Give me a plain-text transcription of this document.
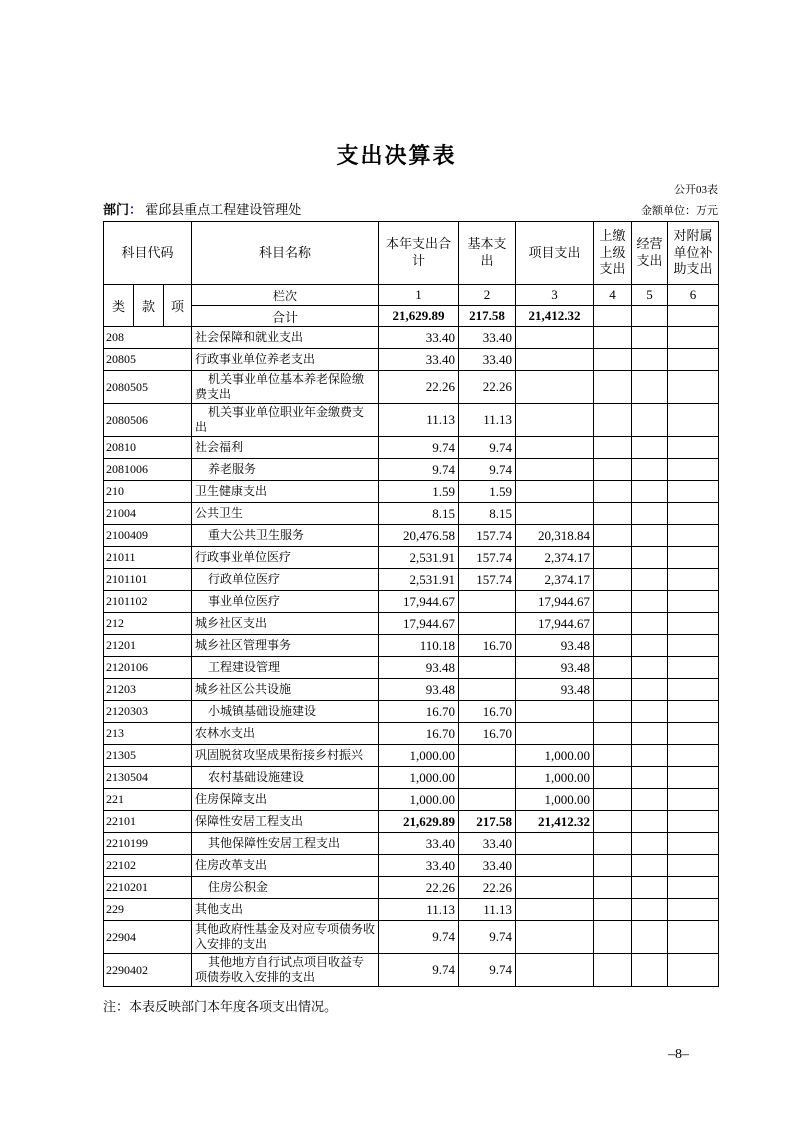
支出决算表
公开03表
部门： 霍邱县重点工程建设管理处	金额单位：万元
科目代码			科目名称	本年支出合计	基本支出	项目支出	上缴上级支出	经营支出	对附属单位补助支出
类	款	项	栏次	1	2	3	4	5	6
			合计	21,629.89	217.58	21,412.32			
208			社会保障和就业支出	33.40	33.40				
20805			行政事业单位养老支出	33.40	33.40				
2080505			机关事业单位基本养老保险缴费支出	22.26	22.26				
2080506			机关事业单位职业年金缴费支出	11.13	11.13				
20810			社会福利	9.74	9.74				
2081006			养老服务	9.74	9.74				
210			卫生健康支出	1.59	1.59				
21004			公共卫生	8.15	8.15				
2100409			重大公共卫生服务	20,476.58	157.74	20,318.84			
21011			行政事业单位医疗	2,531.91	157.74	2,374.17			
2101101			行政单位医疗	2,531.91	157.74	2,374.17			
2101102			事业单位医疗	17,944.67		17,944.67			
212			城乡社区支出	17,944.67		17,944.67			
21201			城乡社区管理事务	110.18	16.70	93.48			
2120106			工程建设管理	93.48		93.48			
21203			城乡社区公共设施	93.48		93.48			
2120303			小城镇基础设施建设	16.70	16.70				
213			农林水支出	16.70	16.70				
21305			巩固脱贫攻坚成果衔接乡村振兴	1,000.00		1,000.00			
2130504			农村基础设施建设	1,000.00		1,000.00			
221			住房保障支出	1,000.00		1,000.00			
22101			保障性安居工程支出	21,629.89	217.58	21,412.32			
2210199			其他保障性安居工程支出	33.40	33.40				
22102			住房改革支出	33.40	33.40				
2210201			住房公积金	22.26	22.26				
229			其他支出	11.13	11.13				
22904			其他政府性基金及对应专项债务收入安排的支出	9.74	9.74				
2290402			其他地方自行试点项目收益专项债券收入安排的支出	9.74	9.74				
注：本表反映部门本年度各项支出情况。
–8–
